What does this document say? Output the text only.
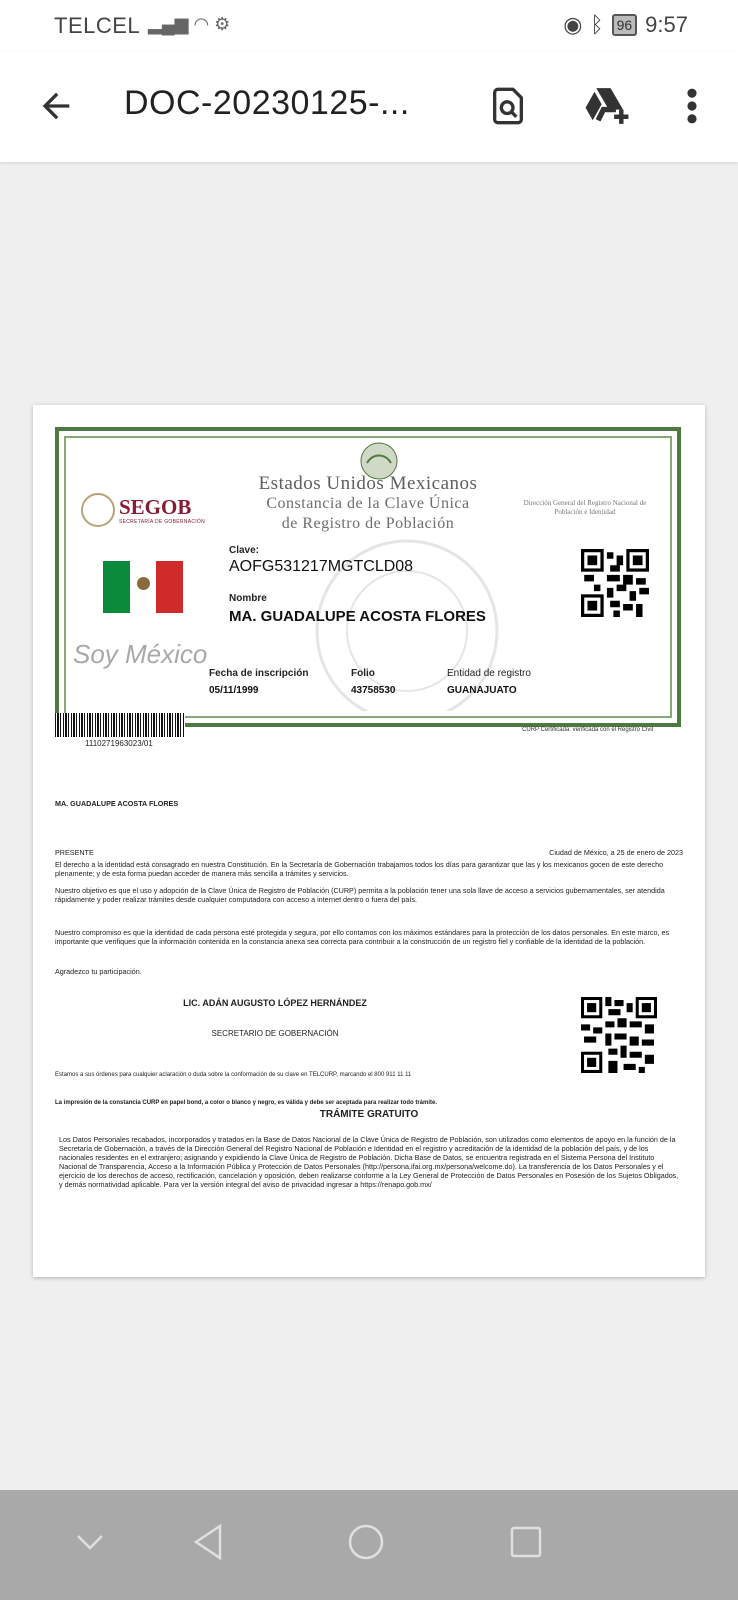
TELCEL ▂▄▆ ◠ ⚙	◉ ᛒ 96 9:57
DOC-20230125-...
SEGOB
SECRETARÍA DE GOBERNACIÓN
Estados Unidos Mexicanos
Constancia de la Clave Única
de Registro de Población
Dirección General del Registro Nacional de Población e Identidad
Clave:
AOFG531217MGTCLD08
Nombre
MA. GUADALUPE ACOSTA FLORES
Soy México
Fecha de inscripción
05/11/1999
Folio
43758530
Entidad de registro
GUANAJUATO
1110271963023/01
CURP Certificada: verificada con el Registro Civil
MA. GUADALUPE ACOSTA FLORES
PRESENTE	Ciudad de México, a 25 de enero de 2023
El derecho a la identidad está consagrado en nuestra Constitución. En la Secretaría de Gobernación trabajamos todos los días para garantizar que las y los mexicanos gocen de este derecho plenamente; y de esta forma puedan acceder de manera más sencilla a trámites y servicios.
Nuestro objetivo es que el uso y adopción de la Clave Única de Registro de Población (CURP) permita a la población tener una sola llave de acceso a servicios gubernamentales, ser atendida rápidamente y poder realizar trámites desde cualquier computadora con acceso a internet dentro o fuera del país.
Nuestro compromiso es que la identidad de cada persona esté protegida y segura, por ello contamos con los máximos estándares para la protección de los datos personales. En este marco, es importante que verifiques que la información contenida en la constancia anexa sea correcta para contribuir a la construcción de un registro fiel y confiable de la identidad de la población.
Agradezco tu participación.
LIC. ADÁN AUGUSTO LÓPEZ HERNÁNDEZ
SECRETARIO DE GOBERNACIÓN
Estamos a sus órdenes para cualquier aclaración o duda sobre la conformación de su clave en TELCURP, marcando el 800 911 11 11
La impresión de la constancia CURP en papel bond, a color o blanco y negro, es válida y debe ser aceptada para realizar todo trámite.
TRÁMITE GRATUITO
Los Datos Personales recabados, incorporados y tratados en la Base de Datos Nacional de la Clave Única de Registro de Población, son utilizados como elementos de apoyo en la función de la Secretaría de Gobernación, a través de la Dirección General del Registro Nacional de Población e Identidad en el registro y acreditación de la identidad de la población del país, y de los nacionales residentes en el extranjero; asignando y expidiendo la Clave Única de Registro de Población. Dicha Base de Datos, se encuentra registrada en el Sistema Persona del Instituto Nacional de Transparencia, Acceso a la Información Pública y Protección de Datos Personales (http://persona.ifai.org.mx/persona/welcome.do). La transferencia de los Datos Personales y el ejercicio de los derechos de acceso, rectificación, cancelación y oposición, deben realizarse conforme a la Ley General de Protección de Datos Personales en Posesión de los Sujetos Obligados, y demás normatividad aplicable. Para ver la versión integral del aviso de privacidad ingresar a https://renapo.gob.mx/
